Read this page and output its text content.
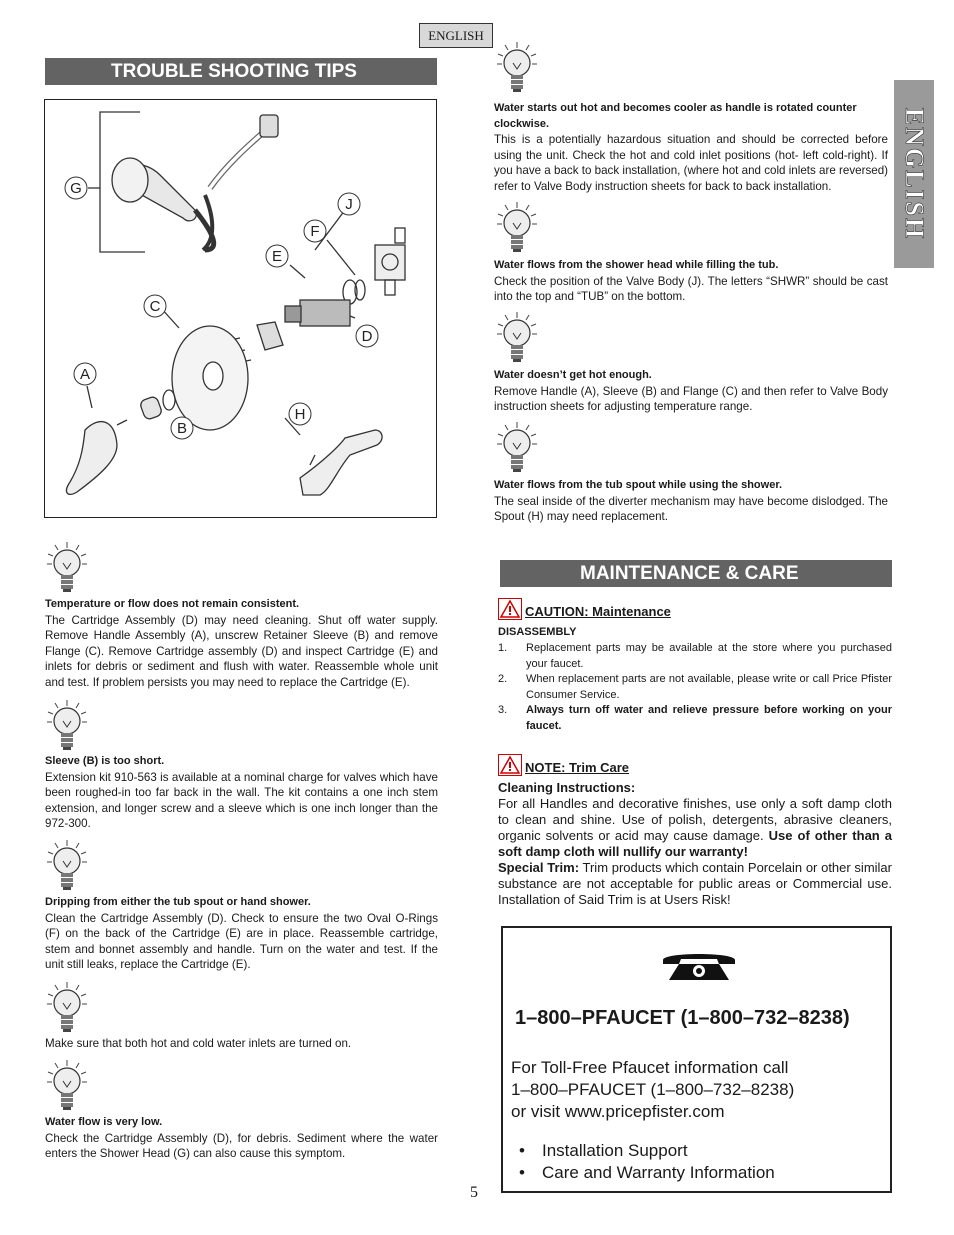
ENGLISH
ENGLISH
TROUBLE SHOOTING TIPS
G
J
F
E
C
D
A
H
B
Temperature or flow does not remain consistent.

The Cartridge Assembly (D) may need cleaning. Shut off water supply. Remove Handle Assembly (A), unscrew Retainer Sleeve (B) and remove Flange (C). Remove Cartridge assembly (D) and inspect Cartridge (E) and inlets for debris or sediment and flush with water. Reassemble whole unit and test. If problem persists you may need to replace the Cartridge (E).

Sleeve (B) is too short.

Extension kit 910-563 is available at a nominal charge for valves which have been roughed-in too far back in the wall. The kit contains a one inch stem extension, and longer screw and a sleeve which is one inch longer than the 972-300.

Dripping from either the tub spout or hand shower.

Clean the Cartridge Assembly (D). Check to ensure the two Oval O-Rings (F) on the back of the Cartridge (E) are in place. Reassemble cartridge, stem and bonnet assembly and handle. Turn on the water and test. If the unit still leaks, replace the Cartridge (E).

Make sure that both hot and cold water inlets are turned on.

Water flow is very low.

Check the Cartridge Assembly (D), for debris. Sediment where the water enters the Shower Head (G) can also cause this symptom.

Water starts out hot and becomes cooler as handle is rotated counter clockwise.

This is a potentially hazardous situation and should be corrected before using the unit. Check the hot and cold inlet positions (hot- left cold-right). If you have a back to back installation, (where hot and cold inlets are reversed) refer to Valve Body instruction sheets for back to back installation.

Water flows from the shower head while filling the tub.

Check the position of the Valve Body (J). The letters “SHWR” should be cast into the top and “TUB” on the bottom.

Water doesn’t get hot enough.

Remove Handle (A), Sleeve (B) and Flange (C) and then refer to Valve Body instruction sheets for adjusting temperature range.

Water flows from the tub spout while using the shower.

The seal inside of the diverter mechanism may have become dislodged. The Spout (H) may need replacement.

MAINTENANCE & CARE
CAUTION: Maintenance
DISASSEMBLY
1. Replacement parts may be available at the store where you purchased your faucet.
2. When replacement parts are not available, please write or call Price Pfister Consumer Service.
3. Always turn off water and relieve pressure before working on your faucet.
NOTE: Trim Care
Cleaning Instructions:
For all Handles and decorative finishes, use only a soft damp cloth to clean and shine. Use of polish, detergents, abrasive cleaners, organic solvents or acid may cause damage. Use of other than a soft damp cloth will nullify our warranty!
Special Trim: Trim products which contain Porcelain or other similar substance are not acceptable for public areas or Commercial use. Installation of Said Trim is at Users Risk!
1–800–PFAUCET (1–800–732–8238)
For Toll-Free Pfaucet information call
1–800–PFAUCET (1–800–732–8238)
or visit www.pricepfister.com
• Installation Support
• Care and Warranty Information
5
